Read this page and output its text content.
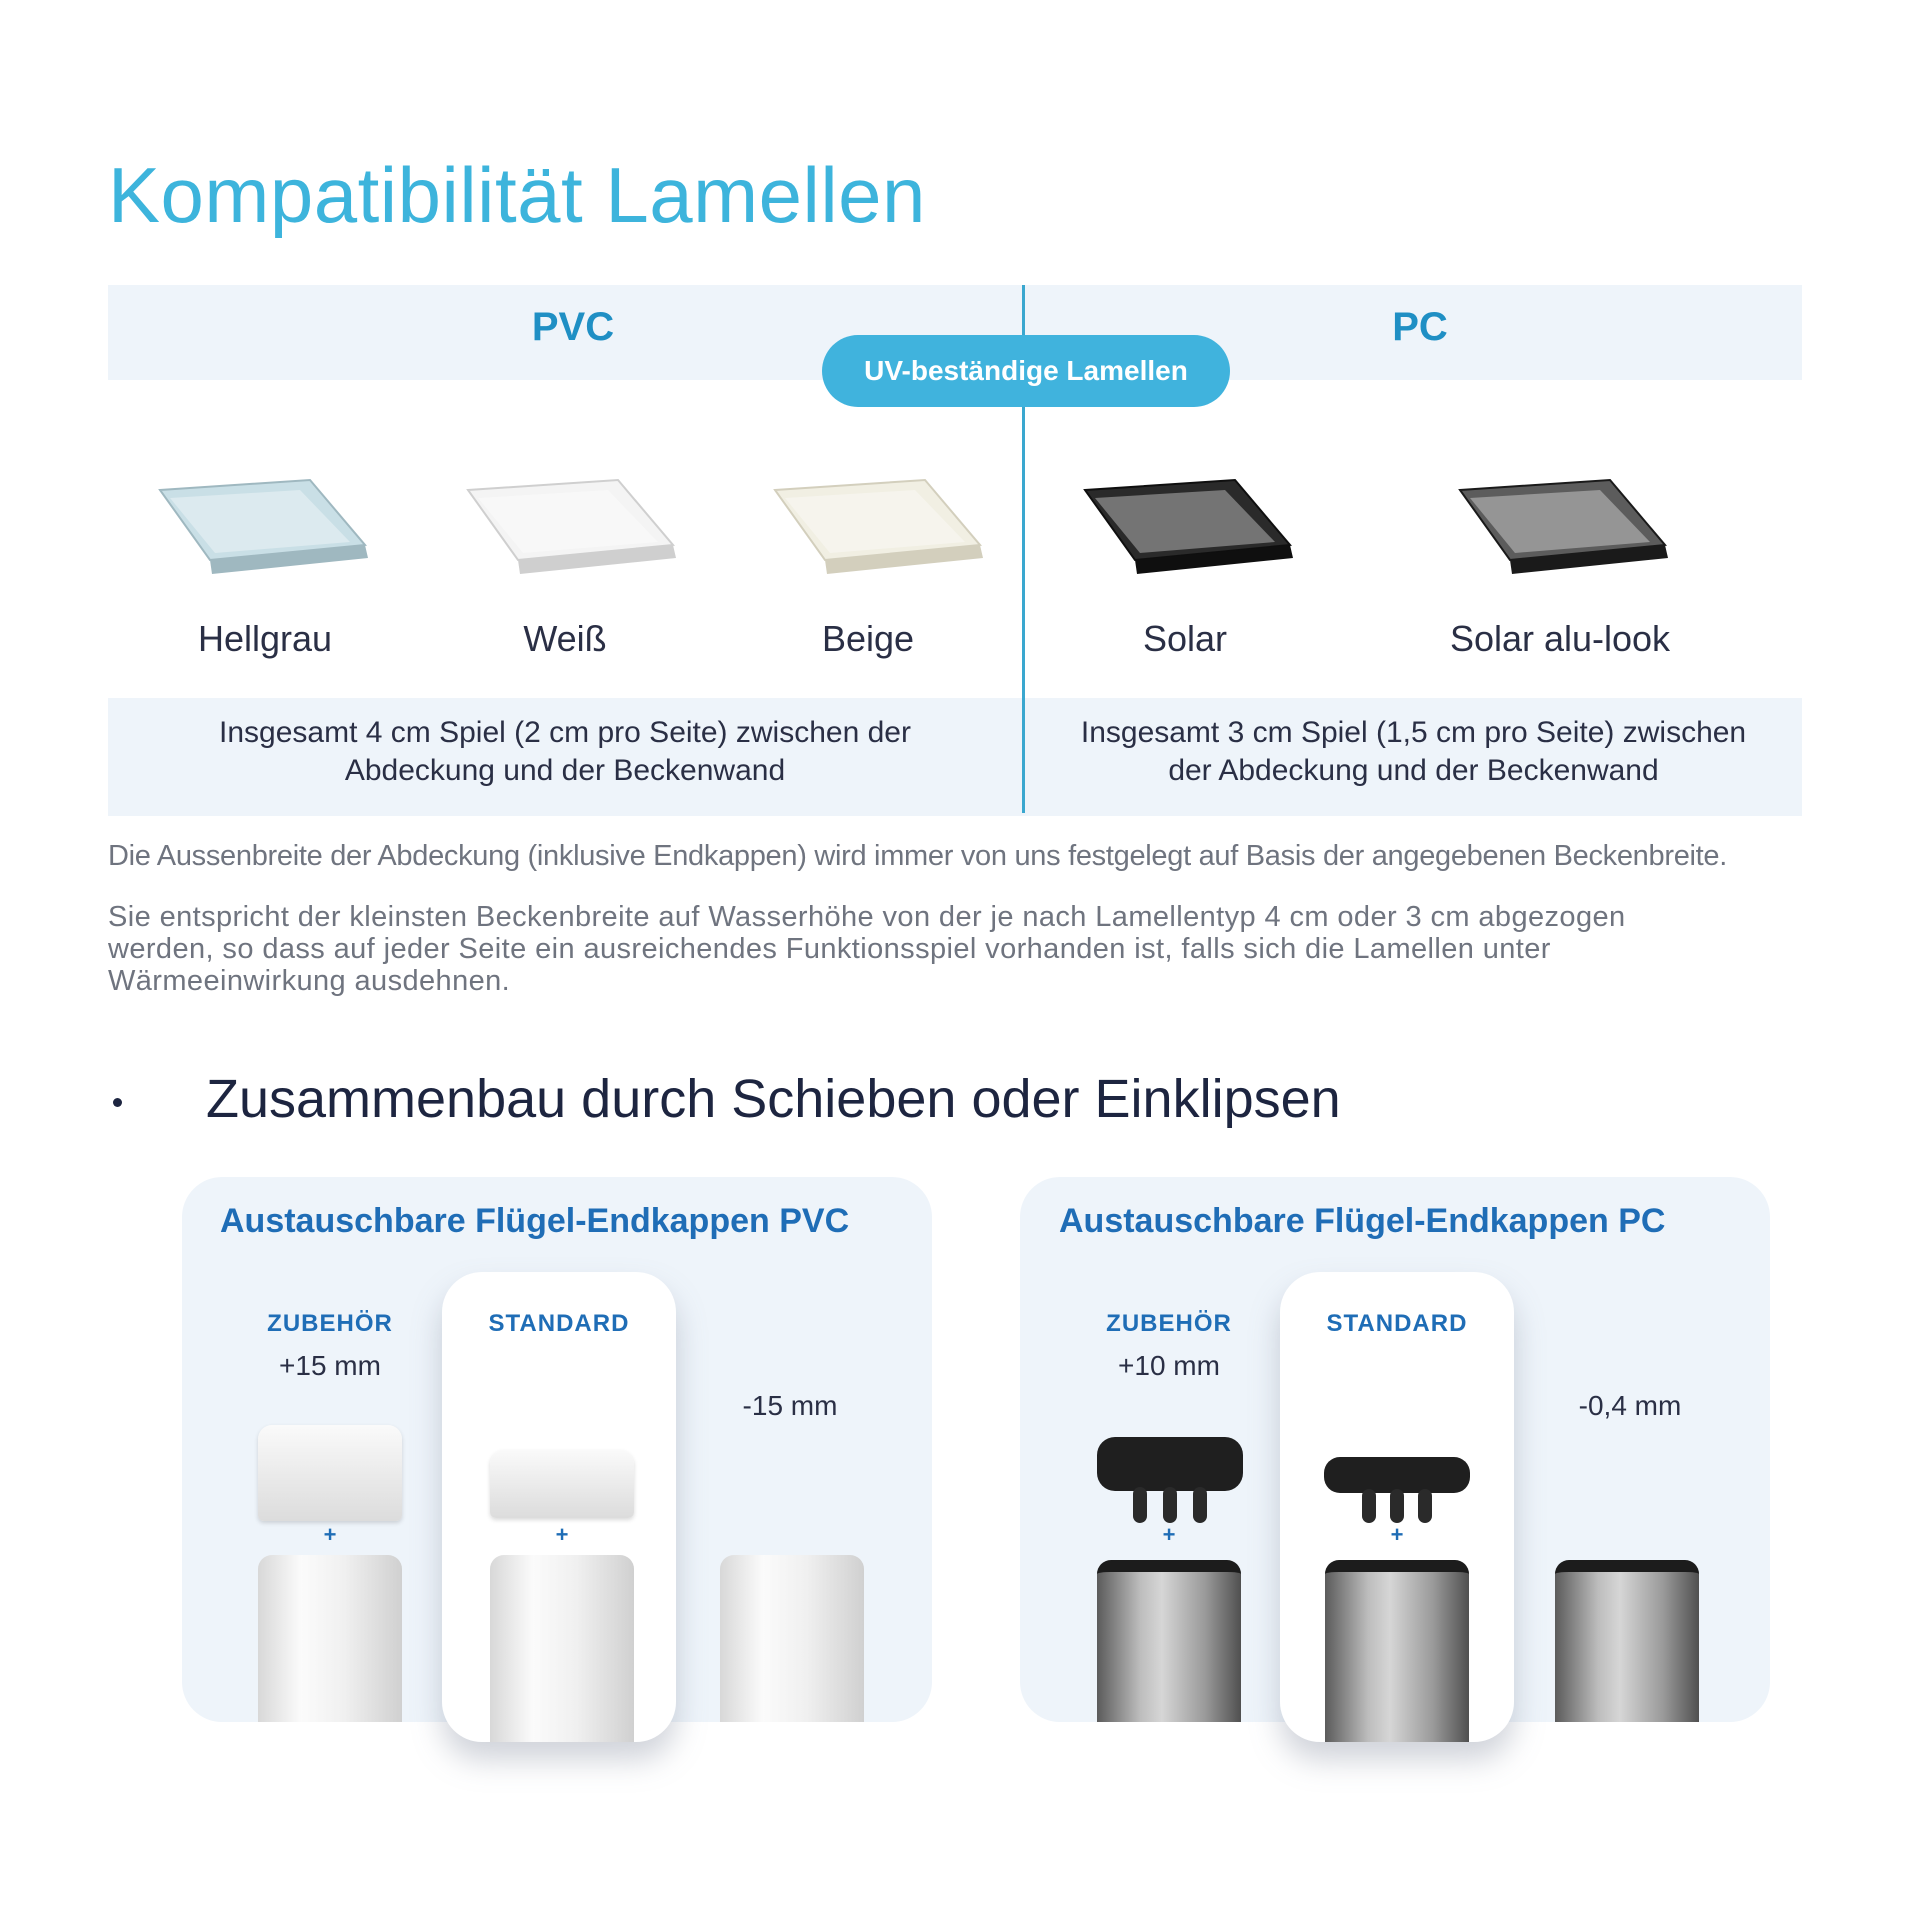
Kompatibilität Lamellen
PVC	PC
Insgesamt 4 cm Spiel (2 cm pro Seite) zwischen der
Abdeckung und der Beckenwand
Insgesamt 3 cm Spiel (1,5 cm pro Seite) zwischen
der Abdeckung und der Beckenwand
UV-beständige Lamellen
Hellgrau	Weiß	Beige	Solar	Solar alu-look
Die Aussenbreite der Abdeckung (inklusive Endkappen) wird immer von uns festgelegt auf Basis der angegebenen Beckenbreite.
Sie entspricht der kleinsten Beckenbreite auf Wasserhöhe von der je nach Lamellentyp 4 cm oder 3 cm abgezogen
werden, so dass auf jeder Seite ein ausreichendes Funktionsspiel vorhanden ist, falls sich die Lamellen unter
Wärmeeinwirkung ausdehnen.
Zusammenbau durch Schieben oder Einklipsen
Austauschbare Flügel-Endkappen PVC
ZUBEHÖR
+15 mm
STANDARD
-15 mm
+	+
Austauschbare Flügel-Endkappen PC
ZUBEHÖR
+10 mm
STANDARD
-0,4 mm
+	+
